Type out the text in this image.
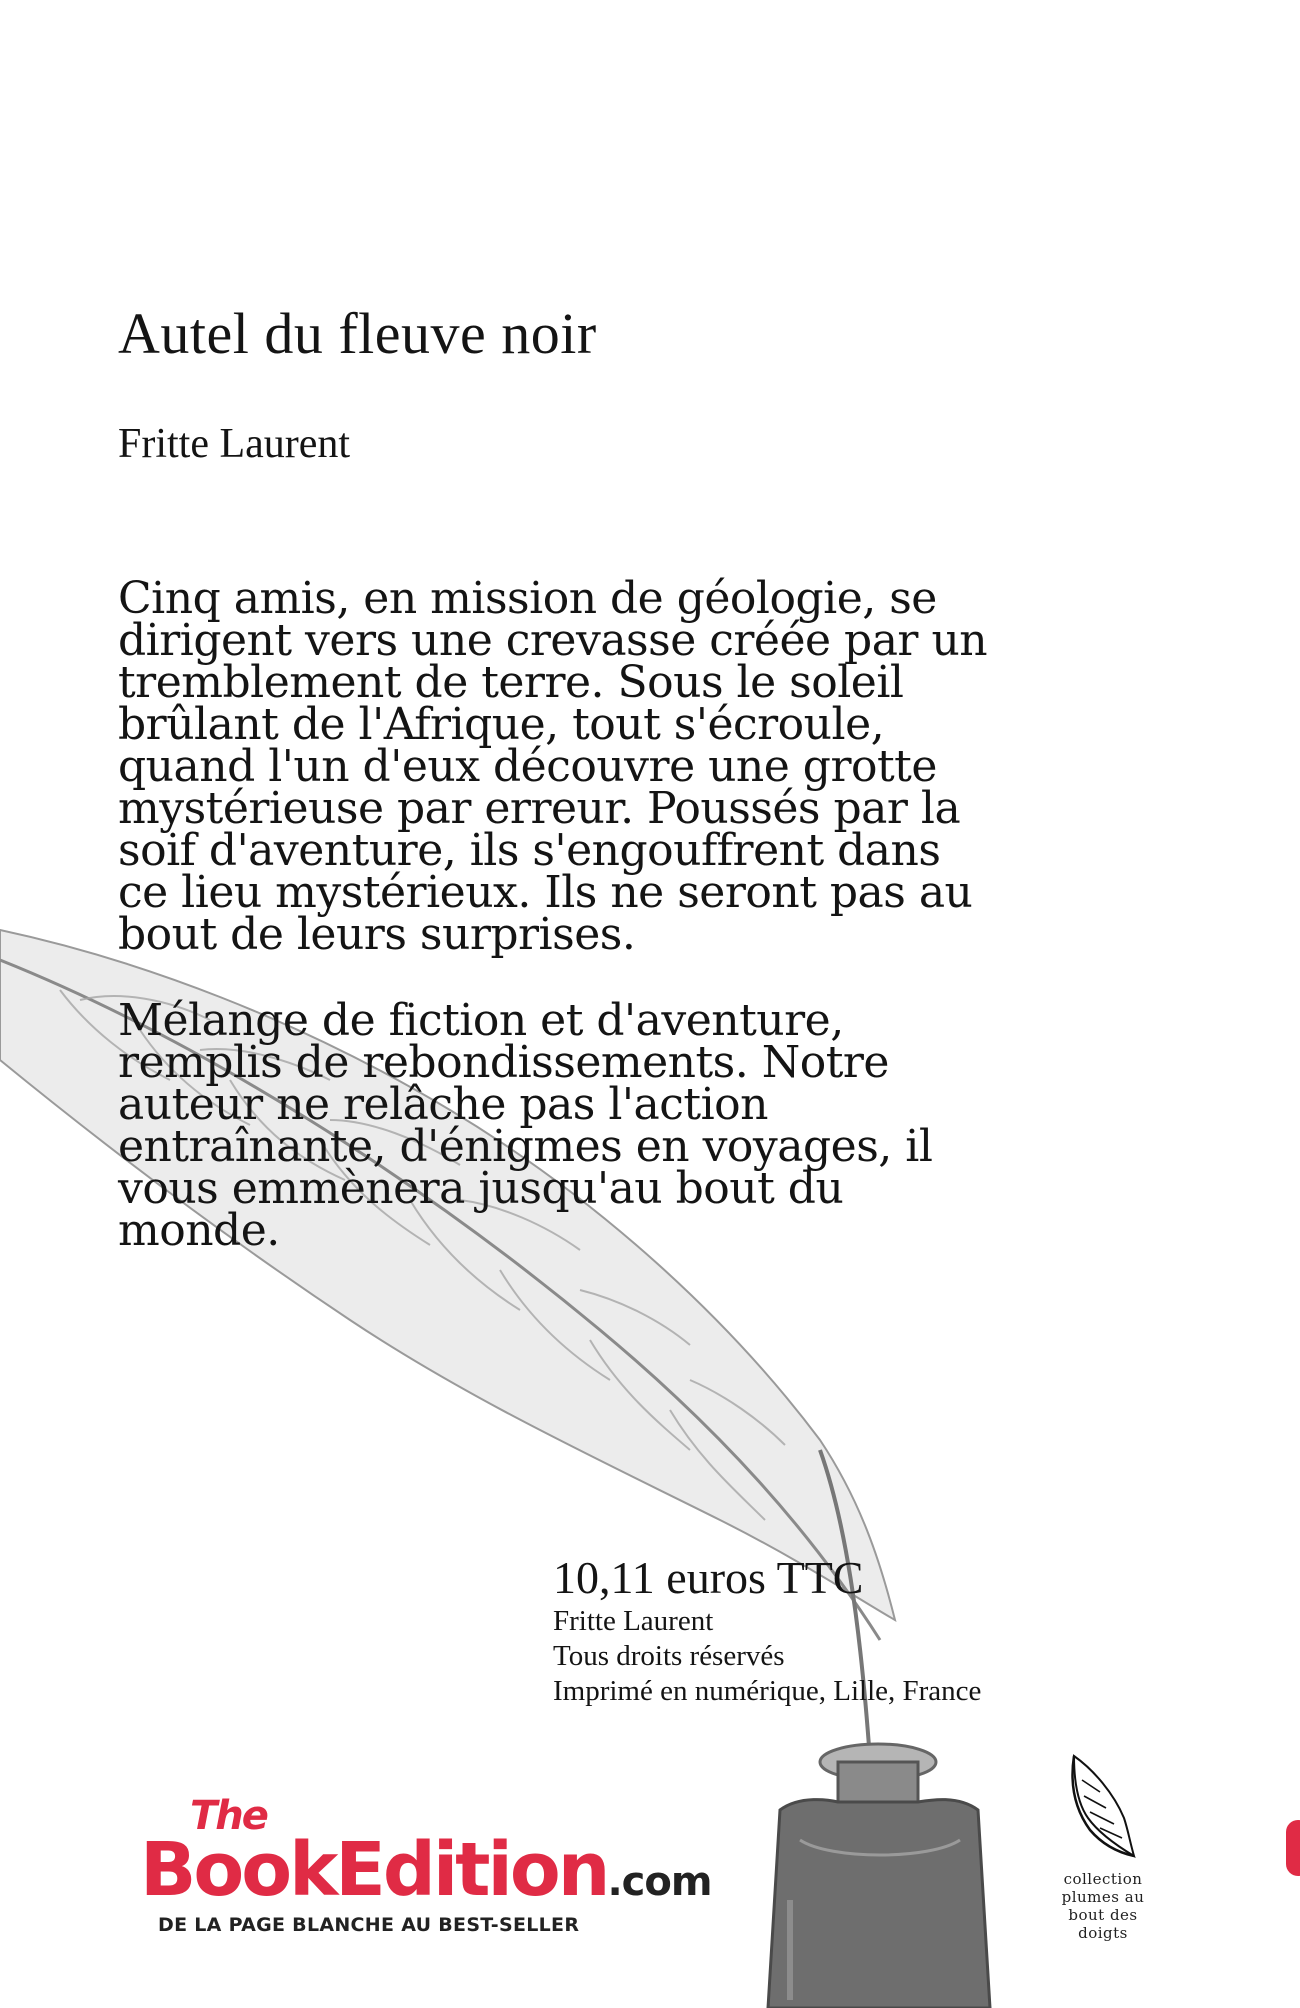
Autel du fleuve noir
Fritte Laurent

Cinq amis, en mission de géologie, se dirigent vers une crevasse créée par un tremblement de terre. Sous le soleil brûlant de l'Afrique, tout s'écroule, quand l'un d'eux découvre une grotte mystérieuse par erreur. Poussés par la soif d'aventure, ils s'engouffrent dans ce lieu mystérieux. Ils ne seront pas au bout de leurs surprises.

Mélange de fiction et d'aventure, remplis de rebondissements. Notre auteur ne relâche pas l'action entraînante, d'énigmes en voyages, il vous emmènera jusqu'au bout du monde.

10,11 euros TTC
Fritte Laurent
Tous droits réservés
Imprimé en numérique, Lille, France

The

BookEdition.com
DE LA PAGE BLANCHE AU BEST-SELLER
collection
plumes au
bout des
doigts
